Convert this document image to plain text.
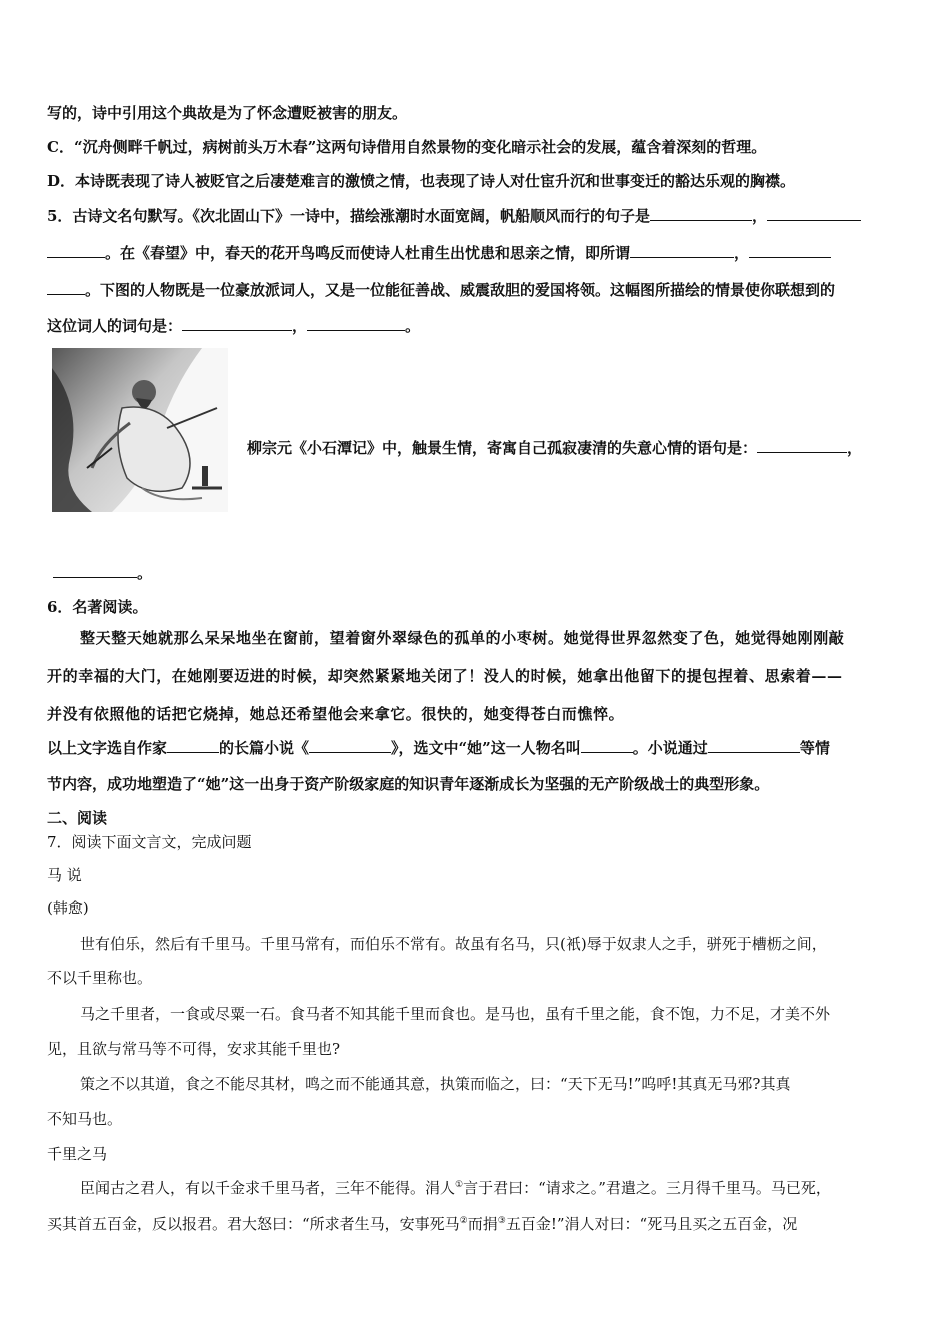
写的，诗中引用这个典故是为了怀念遭贬被害的朋友。
C．“沉舟侧畔千帆过，病树前头万木春”这两句诗借用自然景物的变化暗示社会的发展，蕴含着深刻的哲理。
D．本诗既表现了诗人被贬官之后凄楚难言的激愤之情，也表现了诗人对仕宦升沉和世事变迁的豁达乐观的胸襟。
5．古诗文名句默写。《次北固山下》一诗中，描绘涨潮时水面宽阔，帆船顺风而行的句子是	，
。在《春望》中，春天的花开鸟鸣反而使诗人杜甫生出忧患和思亲之情，即所谓	，
。下图的人物既是一位豪放派词人，又是一位能征善战、威震敌胆的爱国将领。这幅图所描绘的情景使你联想到的
这位词人的词句是：	，	。
柳宗元《小石潭记》中，触景生情，寄寓自己孤寂凄清的失意心情的语句是：	，
。
6．名著阅读。
整天整天她就那么呆呆地坐在窗前，望着窗外翠绿色的孤单的小枣树。她觉得世界忽然变了色，她觉得她刚刚敲
开的幸福的大门，在她刚要迈进的时候，却突然紧紧地关闭了！没人的时候，她拿出他留下的提包捏着、思索着——
并没有依照他的话把它烧掉，她总还希望他会来拿它。很快的，她变得苍白而憔悴。
以上文字选自作家	的长篇小说《	》，选文中“她”这一人物名叫	。小说通过	等情
节内容，成功地塑造了“她”这一出身于资产阶级家庭的知识青年逐渐成长为坚强的无产阶级战士的典型形象。
二、阅读
7．阅读下面文言文，完成问题
马 说
(韩愈)
世有伯乐，然后有千里马。千里马常有，而伯乐不常有。故虽有名马，只(衹)辱于奴隶人之手，骈死于槽枥之间，
不以千里称也。
马之千里者，一食或尽粟一石。食马者不知其能千里而食也。是马也，虽有千里之能，食不饱，力不足，才美不外
见，且欲与常马等不可得，安求其能千里也?
策之不以其道，食之不能尽其材，鸣之而不能通其意，执策而临之，曰：“天下无马!”呜呼!其真无马邪?其真
不知马也。
千里之马
臣闻古之君人，有以千金求千里马者，三年不能得。涓人①言于君曰：“请求之。”君遣之。三月得千里马。马已死，
买其首五百金，反以报君。君大怒曰：“所求者生马，安事死马②而捐③五百金!”涓人对曰：“死马且买之五百金，况
